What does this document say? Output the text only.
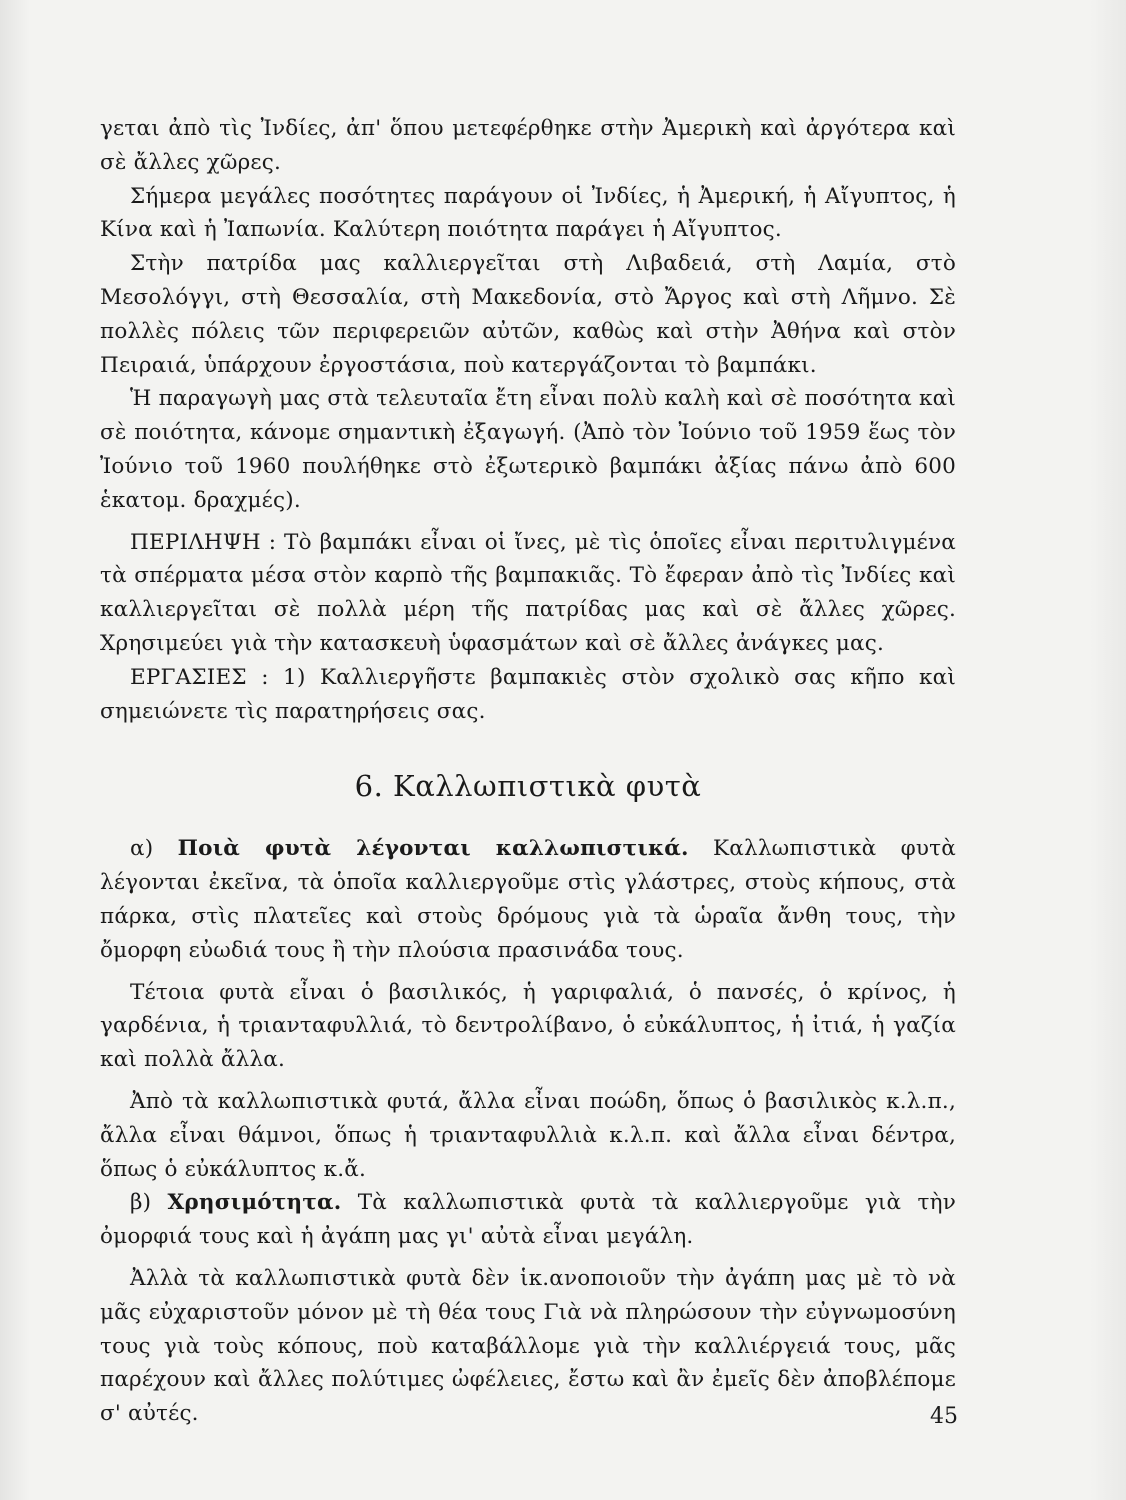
γεται ἀπὸ τὶς Ἰνδίες, ἀπ' ὅπου μετεφέρθηκε στὴν Ἀμερικὴ καὶ ἀργότερα καὶ σὲ ἄλλες χῶρες.

Σήμερα μεγάλες ποσότητες παράγουν οἱ Ἰνδίες, ἡ Ἀμερική, ἡ Αἴγυπτος, ἡ Κίνα καὶ ἡ Ἰαπωνία. Καλύτερη ποιότητα παράγει ἡ Αἴγυπτος.

Στὴν πατρίδα μας καλλιεργεῖται στὴ Λιβαδειά, στὴ Λαμία, στὸ Μεσολόγγι, στὴ Θεσσαλία, στὴ Μακεδονία, στὸ Ἄργος καὶ στὴ Λῆμνο. Σὲ πολλὲς πόλεις τῶν περιφερειῶν αὐτῶν, καθὼς καὶ στὴν Ἀθήνα καὶ στὸν Πειραιά, ὑπάρχουν ἐργοστάσια, ποὺ κατεργάζονται τὸ βαμπάκι.

Ἡ παραγωγὴ μας στὰ τελευταῖα ἔτη εἶναι πολὺ καλὴ καὶ σὲ ποσότητα καὶ σὲ ποιότητα, κάνομε σημαντικὴ ἐξαγωγή. (Ἀπὸ τὸν Ἰούνιο τοῦ 1959 ἕως τὸν Ἰούνιο τοῦ 1960 πουλήθηκε στὸ ἐξωτερικὸ βαμπάκι ἀξίας πάνω ἀπὸ 600 ἑκατομ. δραχμές).

ΠΕΡΙΛΗΨΗ : Τὸ βαμπάκι εἶναι οἱ ἴνες, μὲ τὶς ὁποῖες εἶναι περιτυλιγμένα τὰ σπέρματα μέσα στὸν καρπὸ τῆς βαμπακιᾶς. Τὸ ἔφεραν ἀπὸ τὶς Ἰνδίες καὶ καλλιεργεῖται σὲ πολλὰ μέρη τῆς πατρίδας μας καὶ σὲ ἄλλες χῶρες. Χρησιμεύει γιὰ τὴν κατασκευὴ ὑφασμάτων καὶ σὲ ἄλλες ἀνάγκες μας.

ΕΡΓΑΣΙΕΣ : 1) Καλλιεργῆστε βαμπακιὲς στὸν σχολικὸ σας κῆπο καὶ σημειώνετε τὶς παρατηρήσεις σας.

6. Καλλωπιστικὰ φυτὰ

α) Ποιὰ φυτὰ λέγονται καλλωπιστικά. Καλλωπιστικὰ φυτὰ λέγονται ἐκεῖνα, τὰ ὁποῖα καλλιεργοῦμε στὶς γλάστρες, στοὺς κήπους, στὰ πάρκα, στὶς πλατεῖες καὶ στοὺς δρόμους γιὰ τὰ ὡραῖα ἄνθη τους, τὴν ὄμορφη εὐωδιά τους ἢ τὴν πλούσια πρασινάδα τους.

Τέτοια φυτὰ εἶναι ὁ βασιλικός, ἡ γαριφαλιά, ὁ πανσές, ὁ κρίνος, ἡ γαρδένια, ἡ τριανταφυλλιά, τὸ δεντρολίβανο, ὁ εὐκάλυπτος, ἡ ἰτιά, ἡ γαζία καὶ πολλὰ ἄλλα.

Ἀπὸ τὰ καλλωπιστικὰ φυτά, ἄλλα εἶναι ποώδη, ὅπως ὁ βασιλικὸς κ.λ.π., ἄλλα εἶναι θάμνοι, ὅπως ἡ τριανταφυλλιὰ κ.λ.π. καὶ ἄλλα εἶναι δέντρα, ὅπως ὁ εὐκάλυπτος κ.ἄ.

β) Χρησιμότητα. Τὰ καλλωπιστικὰ φυτὰ τὰ καλλιεργοῦμε γιὰ τὴν ὀμορφιά τους καὶ ἡ ἀγάπη μας γι' αὐτὰ εἶναι μεγάλη.

Ἀλλὰ τὰ καλλωπιστικὰ φυτὰ δὲν ἱκ.ανοποιοῦν τὴν ἀγάπη μας μὲ τὸ νὰ μᾶς εὐχαριστοῦν μόνον μὲ τὴ θέα τους Γιὰ νὰ πληρώσουν τὴν εὐγνωμοσύνη τους γιὰ τοὺς κόπους, ποὺ καταβάλλομε γιὰ τὴν καλλιέργειά τους, μᾶς παρέχουν καὶ ἄλλες πολύτιμες ὠφέλειες, ἔστω καὶ ἂν ἐμεῖς δὲν ἀποβλέπομε σ' αὐτές.	45
